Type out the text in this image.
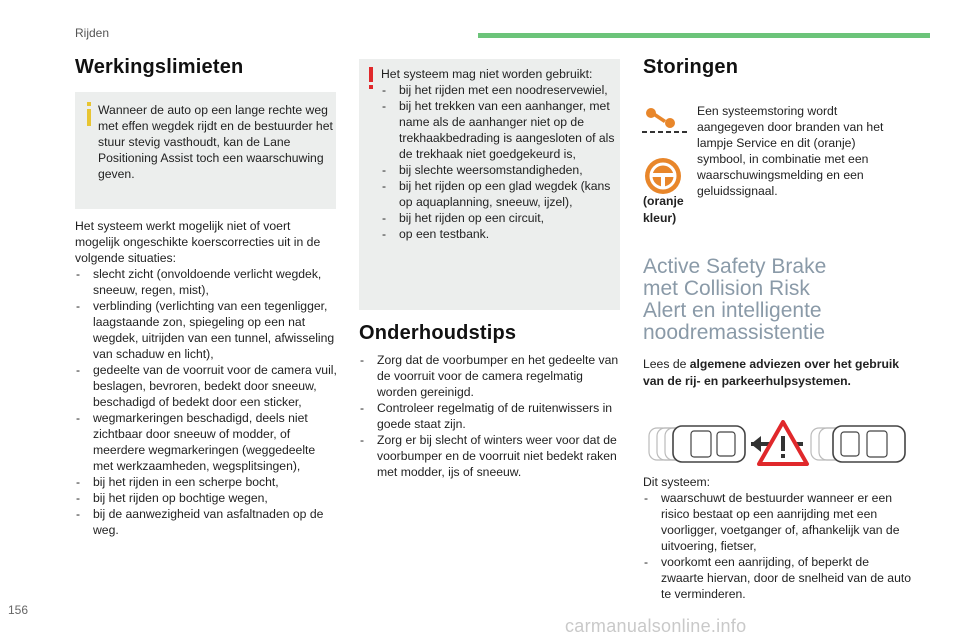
Rijden
Werkingslimieten
Wanneer de auto op een lange rechte weg met effen wegdek rijdt en de bestuurder het stuur stevig vasthoudt, kan de Lane Positioning Assist toch een waarschuwing geven.

Het systeem werkt mogelijk niet of voert mogelijk ongeschikte koerscorrecties uit in de volgende situaties:

- slecht zicht (onvoldoende verlicht wegdek, sneeuw, regen, mist),
- verblinding (verlichting van een tegenligger, laagstaande zon, spiegeling op een nat wegdek, uitrijden van een tunnel, afwisseling van schaduw en licht),
- gedeelte van de voorruit voor de camera vuil, beslagen, bevroren, bedekt door sneeuw, beschadigd of bedekt door een sticker,
- wegmarkeringen beschadigd, deels niet zichtbaar door sneeuw of modder, of meerdere wegmarkeringen (weggedeelte met werkzaamheden, wegsplitsingen),
- bij het rijden in een scherpe bocht,
- bij het rijden op bochtige wegen,
- bij de aanwezigheid van asfaltnaden op de weg.

Het systeem mag niet worden gebruikt:

- bij het rijden met een noodreservewiel,
- bij het trekken van een aanhanger, met name als de aanhanger niet op de trekhaakbedrading is aangesloten of als de trekhaak niet goedgekeurd is,
- bij slechte weersomstandigheden,
- bij het rijden op een glad wegdek (kans op aquaplanning, sneeuw, ijzel),
- bij het rijden op een circuit,
- op een testbank.
Onderhoudstips
- Zorg dat de voorbumper en het gedeelte van de voorruit voor de camera regelmatig worden gereinigd.
- Controleer regelmatig of de ruitenwissers in goede staat zijn.
- Zorg er bij slecht of winters weer voor dat de voorbumper en de voorruit niet bedekt raken met modder, ijs of sneeuw.
Storingen
(oranje kleur)
Een systeemstoring wordt aangegeven door branden van het lampje Service en dit (oranje) symbool, in combinatie met een waarschuwingsmelding en een geluidssignaal.
Active Safety Brake
met Collision Risk
Alert en intelligente
noodremassistentie
Lees de algemene adviezen over het gebruik van de rij- en parkeerhulpsystemen.

Dit systeem:

- waarschuwt de bestuurder wanneer er een risico bestaat op een aanrijding met een voorligger, voetganger of, afhankelijk van de uitvoering, fietser,
- voorkomt een aanrijding, of beperkt de zwaarte hiervan, door de snelheid van de auto te verminderen.
156
carmanualsonline.info
